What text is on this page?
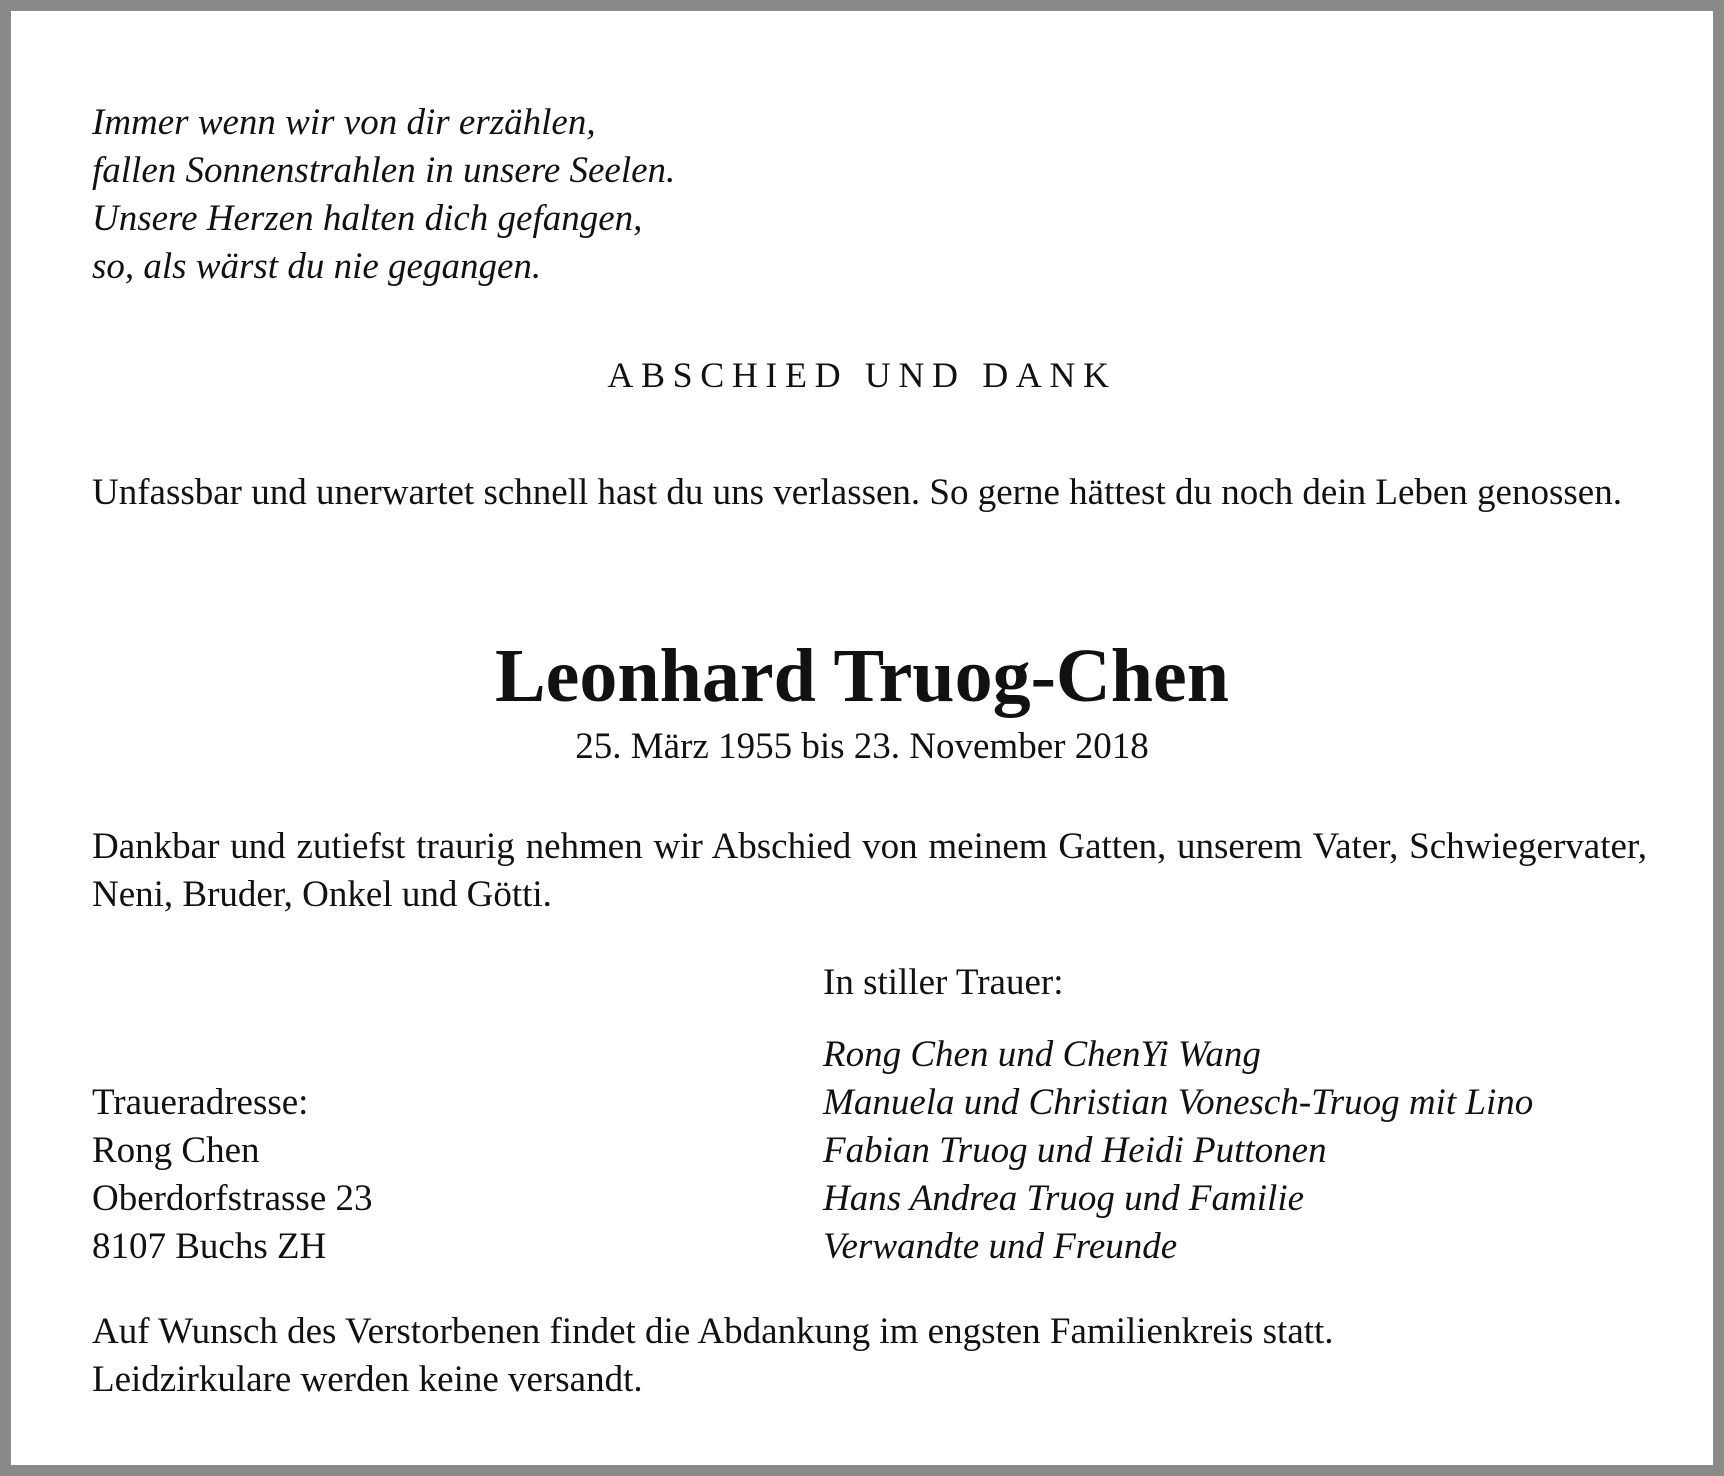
Immer wenn wir von dir erzählen,
fallen Sonnenstrahlen in unsere Seelen.
Unsere Herzen halten dich gefangen,
so, als wärst du nie gegangen.
ABSCHIED UND DANK
Unfassbar und unerwartet schnell hast du uns verlassen. So gerne hättest du noch dein Leben genossen.
Leonhard Truog-Chen
25. März 1955 bis 23. November 2018
Dankbar und zutiefst traurig nehmen wir Abschied von meinem Gatten, unserem Vater, Schwiegervater, Neni, Bruder, Onkel und Götti.
In stiller Trauer:
Rong Chen und ChenYi Wang
Manuela und Christian Vonesch-Truog mit Lino
Fabian Truog und Heidi Puttonen
Hans Andrea Truog und Familie
Verwandte und Freunde
Traueradresse:
Rong Chen
Oberdorfstrasse 23
8107 Buchs ZH
Auf Wunsch des Verstorbenen findet die Abdankung im engsten Familienkreis statt.
Leidzirkulare werden keine versandt.
